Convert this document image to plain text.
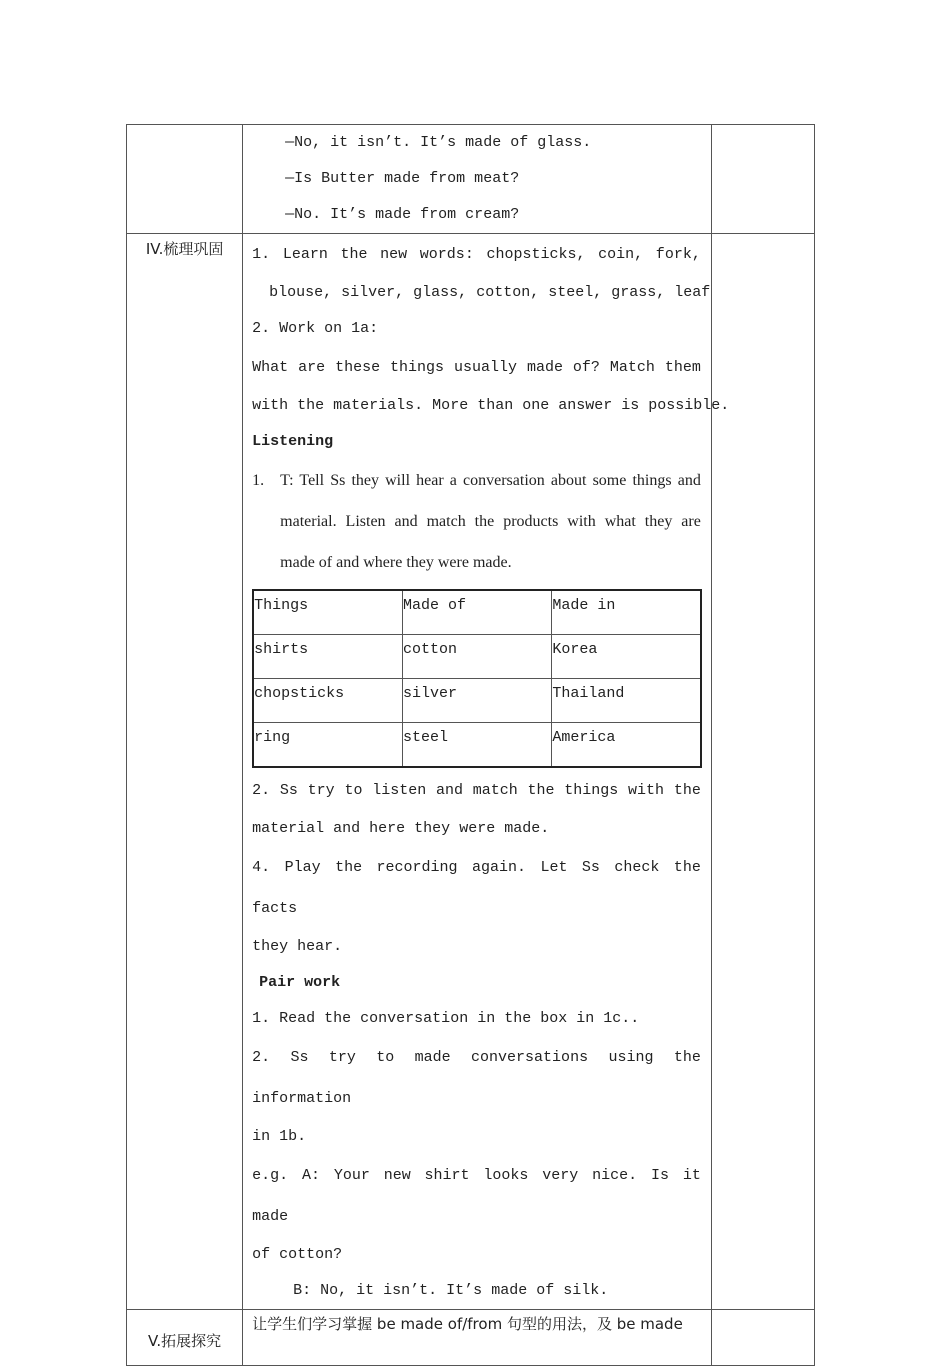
—No, it isn’t. It’s made of glass.

—Is Butter made from meat?

—No. It’s made from cream?

IV.梳理巩固	1. Learn the new words: chopsticks, coin, fork,

blouse, silver, glass, cotton, steel, grass, leaf

2. Work on 1a:

What are these things usually made of? Match them

with the materials. More than one answer is possible.

Listening

1.	T: Tell Ss they will hear a conversation about some things and

material. Listen and match the products with what they are

made of and where they were made.

Things	Made of	Made in
shirts	cotton	Korea
chopsticks	silver	Thailand
ring	steel	America

2. Ss try to listen and match the things with the

material and here they were made.

4. Play the recording again. Let Ss check the facts

they hear.

Pair work

1. Read the conversation in the box in 1c..

2. Ss try to made conversations using the information

in 1b.

e.g. A: Your new shirt looks very nice. Is it made

of cotton?

B: No, it isn’t. It’s made of silk.

V.拓展探究

让学生们学习掌握 be made of/from 句型的用法，及 be made
